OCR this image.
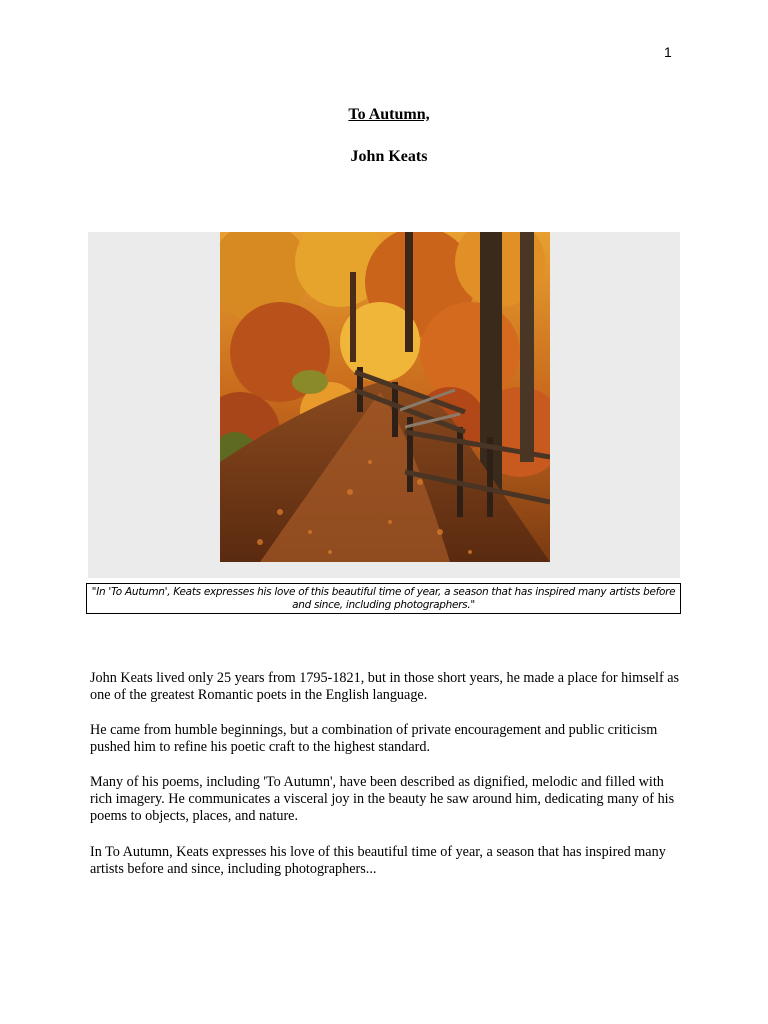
1
To Autumn,
John Keats
"In 'To Autumn', Keats expresses his love of this beautiful time of year, a season that has inspired many artists before and since, including photographers."

John Keats lived only 25 years from 1795-1821, but in those short years, he made a place for himself as one of the greatest Romantic poets in the English language.

He came from humble beginnings, but a combination of private encouragement and public criticism pushed him to refine his poetic craft to the highest standard.

Many of his poems, including 'To Autumn', have been described as dignified, melodic and filled with rich imagery. He communicates a visceral joy in the beauty he saw around him, dedicating many of his poems to objects, places, and nature.

In To Autumn, Keats expresses his love of this beautiful time of year, a season that has inspired many artists before and since, including photographers...
